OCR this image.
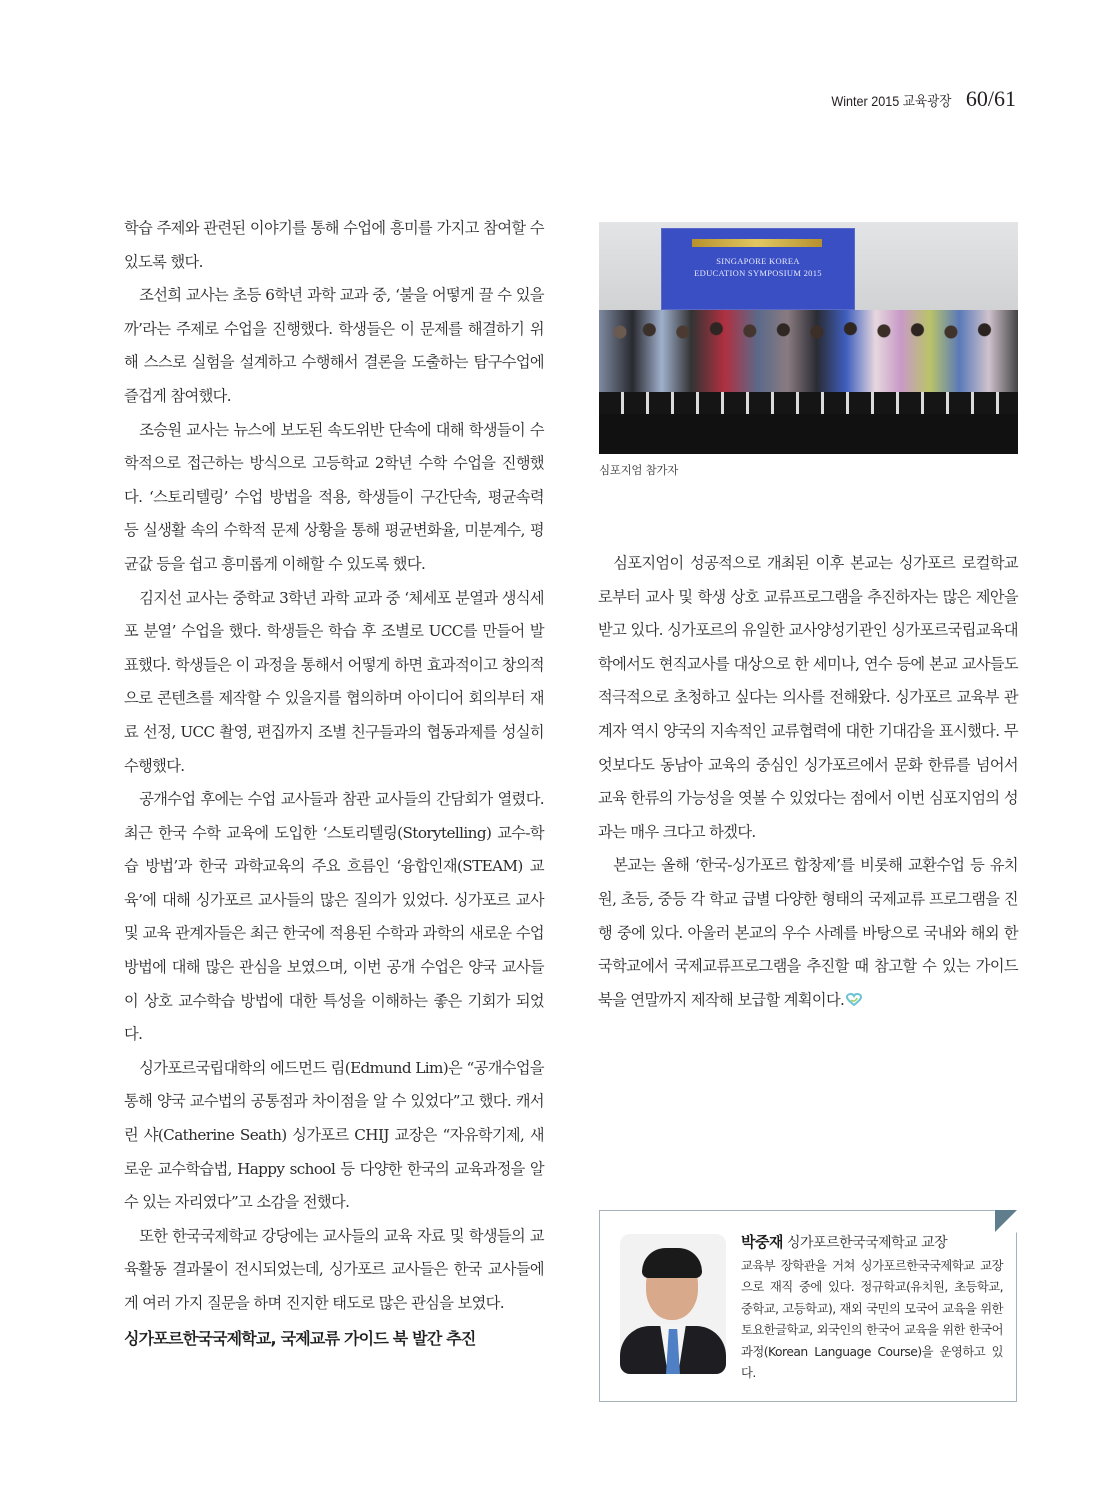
Winter 2015 교육광장 60/61

학습 주제와 관련된 이야기를 통해 수업에 흥미를 가지고 참여할 수 있도록 했다.

조선희 교사는 초등 6학년 과학 교과 중, ‘불을 어떻게 끌 수 있을까’라는 주제로 수업을 진행했다. 학생들은 이 문제를 해결하기 위해 스스로 실험을 설계하고 수행해서 결론을 도출하는 탐구수업에 즐겁게 참여했다.

조승원 교사는 뉴스에 보도된 속도위반 단속에 대해 학생들이 수학적으로 접근하는 방식으로 고등학교 2학년 수학 수업을 진행했다. ‘스토리텔링’ 수업 방법을 적용, 학생들이 구간단속, 평균속력 등 실생활 속의 수학적 문제 상황을 통해 평균변화율, 미분계수, 평균값 등을 쉽고 흥미롭게 이해할 수 있도록 했다.

김지선 교사는 중학교 3학년 과학 교과 중 ‘체세포 분열과 생식세포 분열’ 수업을 했다. 학생들은 학습 후 조별로 UCC를 만들어 발표했다. 학생들은 이 과정을 통해서 어떻게 하면 효과적이고 창의적으로 콘텐츠를 제작할 수 있을지를 협의하며 아이디어 회의부터 재료 선정, UCC 촬영, 편집까지 조별 친구들과의 협동과제를 성실히 수행했다.

공개수업 후에는 수업 교사들과 참관 교사들의 간담회가 열렸다. 최근 한국 수학 교육에 도입한 ‘스토리텔링(Storytelling) 교수-학습 방법’과 한국 과학교육의 주요 흐름인 ‘융합인재(STEAM) 교육’에 대해 싱가포르 교사들의 많은 질의가 있었다. 싱가포르 교사 및 교육 관계자들은 최근 한국에 적용된 수학과 과학의 새로운 수업 방법에 대해 많은 관심을 보였으며, 이번 공개 수업은 양국 교사들이 상호 교수학습 방법에 대한 특성을 이해하는 좋은 기회가 되었다.

싱가포르국립대학의 에드먼드 림(Edmund Lim)은 “공개수업을 통해 양국 교수법의 공통점과 차이점을 알 수 있었다”고 했다. 캐서린 샤(Catherine Seath) 싱가포르 CHIJ 교장은 “자유학기제, 새로운 교수학습법, Happy school 등 다양한 한국의 교육과정을 알 수 있는 자리였다”고 소감을 전했다.

또한 한국국제학교 강당에는 교사들의 교육 자료 및 학생들의 교육활동 결과물이 전시되었는데, 싱가포르 교사들은 한국 교사들에게 여러 가지 질문을 하며 진지한 태도로 많은 관심을 보였다.

싱가포르한국국제학교, 국제교류 가이드 북 발간 추진
SINGAPORE KOREA
EDUCATION SYMPOSIUM 2015
심포지엄 참가자

심포지엄이 성공적으로 개최된 이후 본교는 싱가포르 로컬학교로부터 교사 및 학생 상호 교류프로그램을 추진하자는 많은 제안을 받고 있다. 싱가포르의 유일한 교사양성기관인 싱가포르국립교육대학에서도 현직교사를 대상으로 한 세미나, 연수 등에 본교 교사들도 적극적으로 초청하고 싶다는 의사를 전해왔다. 싱가포르 교육부 관계자 역시 양국의 지속적인 교류협력에 대한 기대감을 표시했다. 무엇보다도 동남아 교육의 중심인 싱가포르에서 문화 한류를 넘어서 교육 한류의 가능성을 엿볼 수 있었다는 점에서 이번 심포지엄의 성과는 매우 크다고 하겠다.

본교는 올해 ‘한국-싱가포르 합창제’를 비롯해 교환수업 등 유치원, 초등, 중등 각 학교 급별 다양한 형태의 국제교류 프로그램을 진행 중에 있다. 아울러 본교의 우수 사례를 바탕으로 국내와 해외 한국학교에서 국제교류프로그램을 추진할 때 참고할 수 있는 가이드북을 연말까지 제작해 보급할 계획이다.

박중재 싱가포르한국국제학교 교장
교육부 장학관을 거쳐 싱가포르한국국제학교 교장으로 재직 중에 있다. 정규학교(유치원, 초등학교, 중학교, 고등학교), 재외 국민의 모국어 교육을 위한 토요한글학교, 외국인의 한국어 교육을 위한 한국어과정(Korean Language Course)을 운영하고 있다.
